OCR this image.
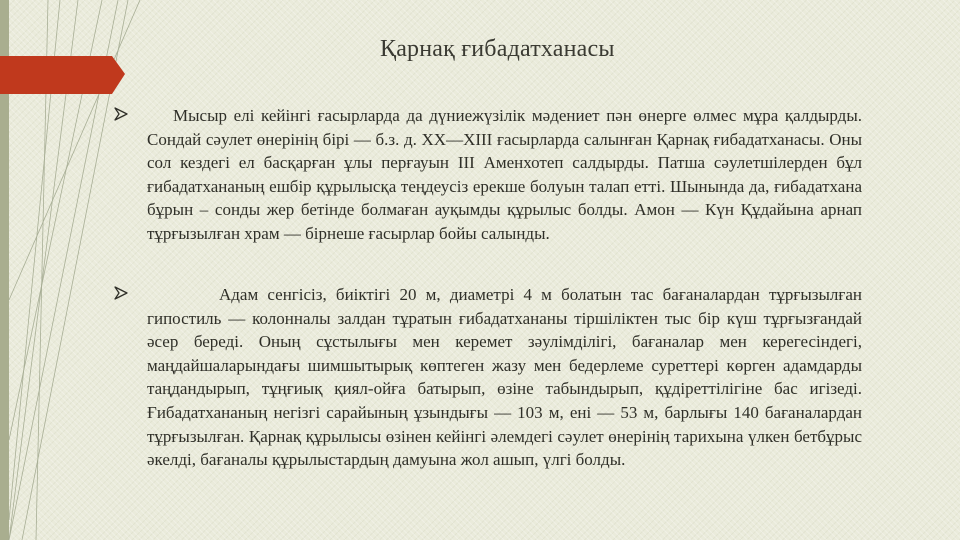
Қарнақ ғибадатханасы

Мысыр елі кейінгі ғасырларда да дүниежүзілік мәдениет пән өнерге өлмес мұра қалдырды. Сондай сәулет өнерінің бірі — б.з. д. XX—XIII ғасырларда салынған Қарнақ ғибадатханасы. Оны сол кездегі ел басқарған ұлы перғауын III Аменхотеп салдырды. Патша сәулетшілерден бұл ғибадатхананың ешбір құрылысқа теңдеусіз ерекше болуын талап етті. Шынында да, ғибадатхана бұрын – сонды жер бетінде болмаған ауқымды құрылыс болды. Амон — Күн Құдайына арнап тұрғызылған храм — бірнеше ғасырлар бойы салынды.

Адам сенгісіз, биіктігі 20 м, диаметрі 4 м болатын тас бағаналардан тұрғызылған гипостиль — колонналы залдан тұратын ғибадатхананы тіршіліктен тыс бір күш тұрғызғандай әсер береді. Оның сұстылығы мен керемет зәулімділігі, бағаналар мен керегесіндегі, маңдайшаларындағы шимшытырық көптеген жазу мен бедерлеме суреттері көрген адамдарды таңдандырып, тұңғиық қиял-ойға батырып, өзіне табындырып, құдіреттілігіне бас игізеді. Ғибадатхананың негізгі сарайының ұзындығы — 103 м, ені — 53 м, барлығы 140 бағаналардан тұрғызылған. Қарнақ құрылысы өзінен кейінгі әлемдегі сәулет өнерінің тарихына үлкен бетбұрыс әкелді, бағаналы құрылыстардың дамуына жол ашып, үлгі болды.
